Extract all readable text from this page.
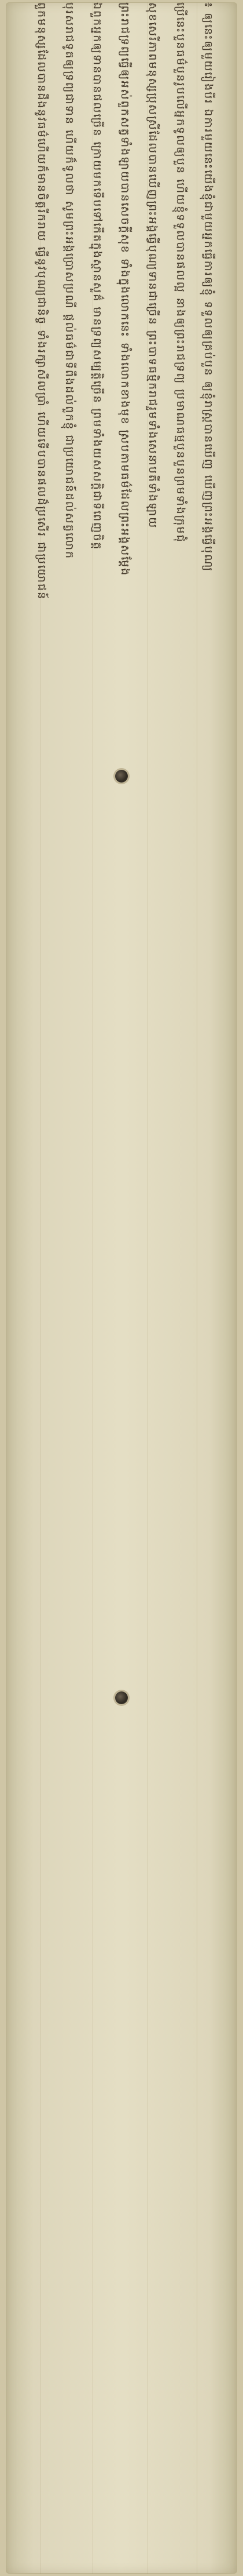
៖ ឲ្យនេះឲ្យមួយរៀងបីរ ឯការមួយនេះយើងខ្ញុំជាមួយអ្នកធ្វើការឲ្យខ្ញុំ ទទួលឲ្យគ្រប់បួន ឲ្យខ្ញុំរាស្ត្របានឃើញ ឃើញព្រះអង្គធ្វើបុណ្យ
ប្រើនេះបួនធម៌បួនរូបលើអ្នកទូលឲ្យបួន ហើយខ្ញុំទទួលបានផលល្អ នាងឲ្យព្រះរាជទ្រព្យ ប្រមាណធម្មបួនបួនព្រមទាំងក្រុមជុំ
សុខសេរីភាពមនុស្សប្រុសស្រីដែលបានឃើញព្រះអង្គធ្វើបុណ្យទានជាច្រើន ព្រះបាទធម្មិករាជរួមទាំងសេនាបតីទាំងឡាយ
ព្រះរាជទ្រព្យធ្វើឲ្យអស់ពួកសត្វទាំងឡាយបានសេចក្តីសុខ ទាំងក្នុងលោកនេះ ទាំងលោកខាងមុខ ស្របតាមធម៌ដែលព្រះអង្គសម្តែង
ឯពួកអ្នកឲ្យទានបានផលច្រើន ក្រោយមកទើបទៅកើតក្នុងស្ថានសួគ៌ មានទ្រព្យសម្បត្តិច្រើន ព្រមទាំងយសសក្តិជាទីពេញចិត្ត
បុរសរាជទូតឲ្យទ្រព្យជាទាន ហើយក៏ទូលថា សូមព្រះអង្គប្រោសប្រណី ផ្តល់ធម៌ជាទីពឹងដល់ពួកខ្ញុំ ជាប្រយោជន៍ដល់សត្វលោក
ពួកមនុស្សដែលបានដឹងនូវធម៌ហើយក៏មានចិត្តរីករាយ ធ្វើនូវបុណ្យជានិច្ច ទាំងរក្សាសីលប្រាំ ហើយទើបបានផលដ៏ប្រសើរ ជាប្រយោជន៍
